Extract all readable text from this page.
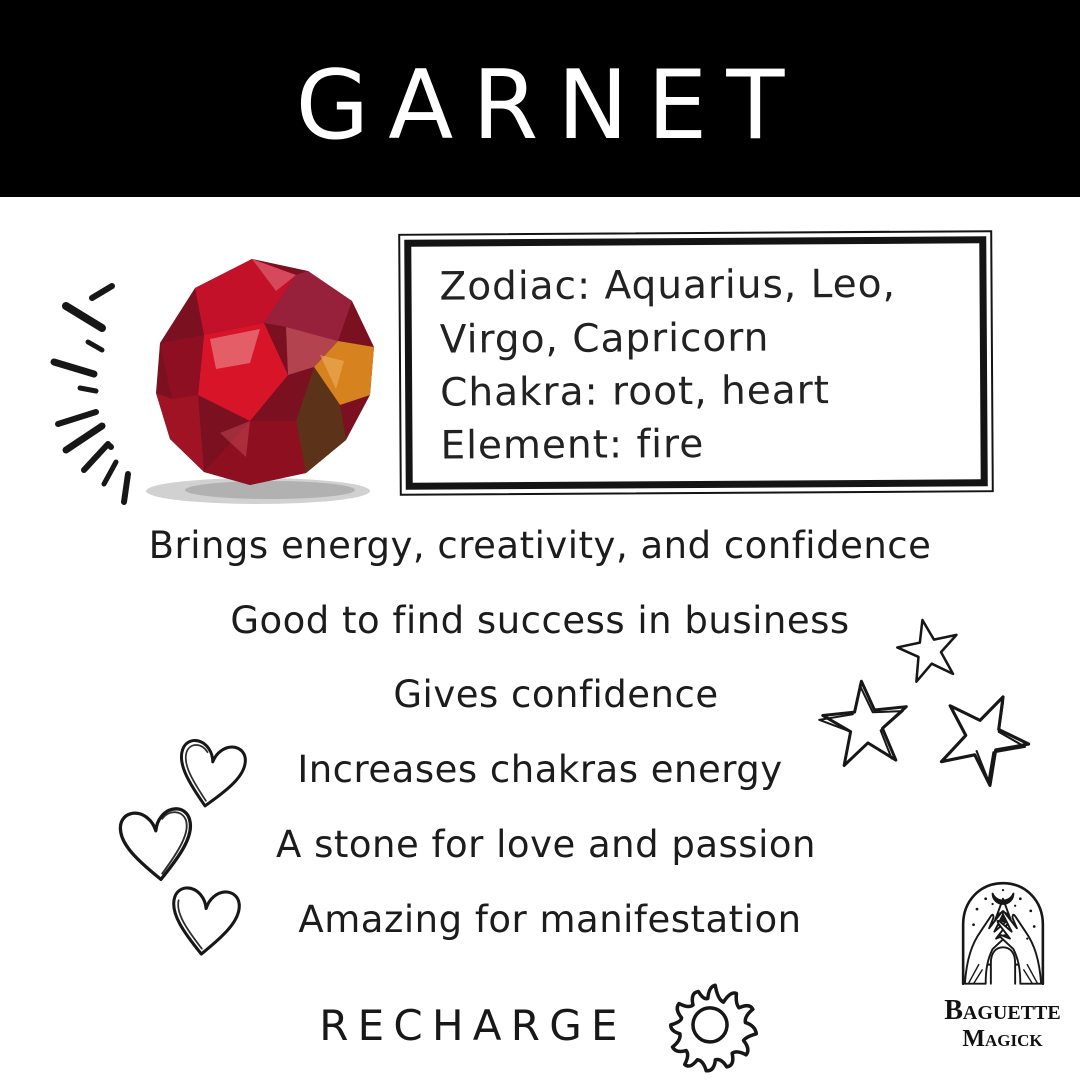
GARNET
Zodiac: Aquarius, Leo,
Virgo, Capricorn
Chakra: root, heart
Element: fire
Brings energy, creativity, and confidence
Good to find success in business
Gives confidence
Increases chakras energy
A stone for love and passion
Amazing for manifestation
RECHARGE	Baguette
Magick
